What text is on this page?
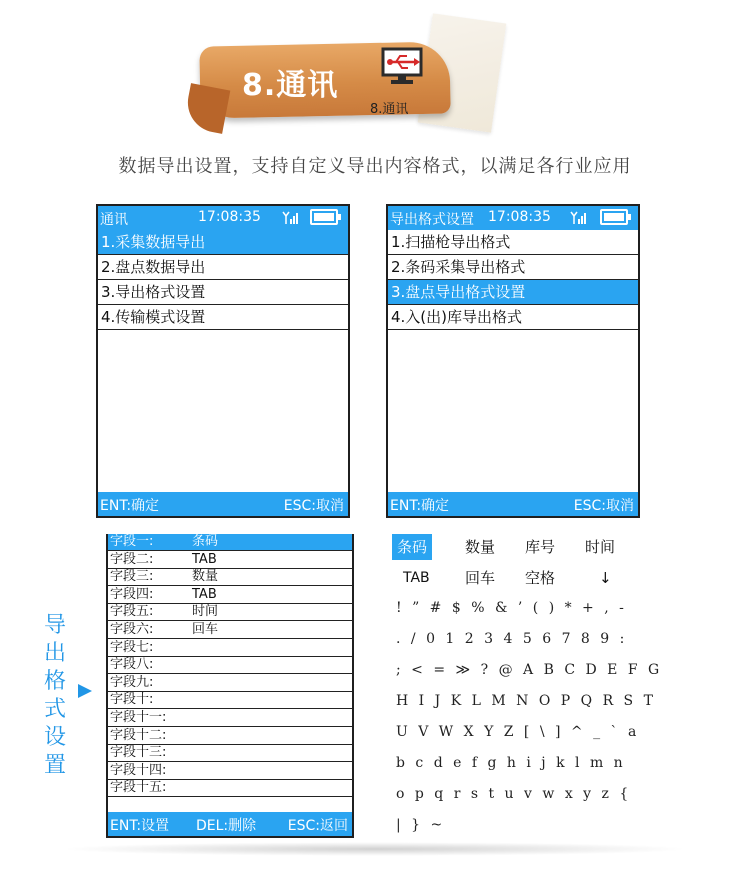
8.通讯
8.通讯
数据导出设置，支持自定义导出内容格式，以满足各行业应用
通讯	17:08:35
1.采集数据导出
2.盘点数据导出
3.导出格式设置
4.传输模式设置
ENT:确定	ESC:取消
导出格式设置 17:08:35
1.扫描枪导出格式
2.条码采集导出格式
3.盘点导出格式设置
4.入(出)库导出格式
ENT:确定	ESC:取消
导
出
格
式
设
置
字段一:	条码
字段二:	TAB
字段三:	数量
字段四:	TAB
字段五:	时间
字段六:	回车
字段七:
字段八:
字段九:
字段十:
字段十一:
字段十二:
字段十三:
字段十四:
字段十五:
ENT:设置 DEL:删除 ESC:返回
条码	数量	库号	时间
TAB	回车	空格	↓
! ” # $ % & ’ ( ) * + , -
. / 0 1 2 3 4 5 6 7 8 9 :
; < = ≫ ? @ A B C D E F G
H I J K L M N O P Q R S T
U V W X Y Z [ \ ] ^ _ ` a
b c d e f g h i j k l m n
o p q r s t u v w x y z {
| } ~
